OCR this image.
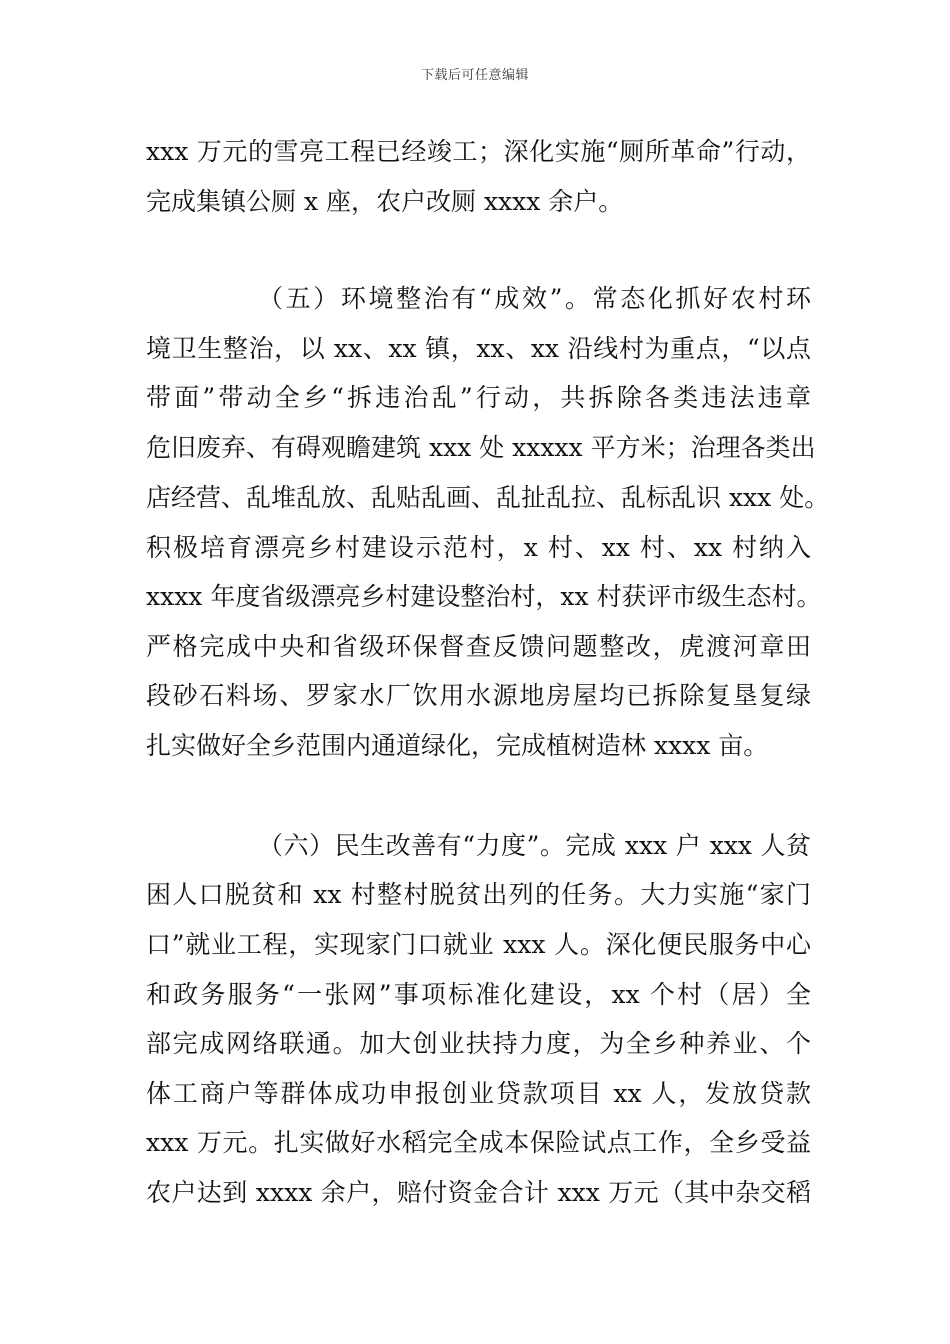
下载后可任意编辑
xxx 万元的雪亮工程已经竣工；深化实施“厕所革命”行动，
完成集镇公厕 x 座，农户改厕 xxxx 余户。
（五）环境整治有“成效”。常态化抓好农村环
境卫生整治，以 xx、xx 镇，xx、xx 沿线村为重点，“以点
带面”带动全乡“拆违治乱”行动，共拆除各类违法违章
危旧废弃、有碍观瞻建筑 xxx 处 xxxxx 平方米；治理各类出
店经营、乱堆乱放、乱贴乱画、乱扯乱拉、乱标乱识 xxx 处。
积极培育漂亮乡村建设示范村，x 村、xx 村、xx 村纳入
xxxx 年度省级漂亮乡村建设整治村，xx 村获评市级生态村。
严格完成中央和省级环保督查反馈问题整改，虎渡河章田
段砂石料场、罗家水厂饮用水源地房屋均已拆除复垦复绿
扎实做好全乡范围内通道绿化，完成植树造林 xxxx 亩。
（六）民生改善有“力度”。完成 xxx 户 xxx 人贫
困人口脱贫和 xx 村整村脱贫出列的任务。大力实施“家门
口”就业工程，实现家门口就业 xxx 人。深化便民服务中心
和政务服务“一张网”事项标准化建设，xx 个村（居）全
部完成网络联通。加大创业扶持力度，为全乡种养业、个
体工商户等群体成功申报创业贷款项目 xx 人，发放贷款
xxx 万元。扎实做好水稻完全成本保险试点工作，全乡受益
农户达到 xxxx 余户，赔付资金合计 xxx 万元（其中杂交稻
